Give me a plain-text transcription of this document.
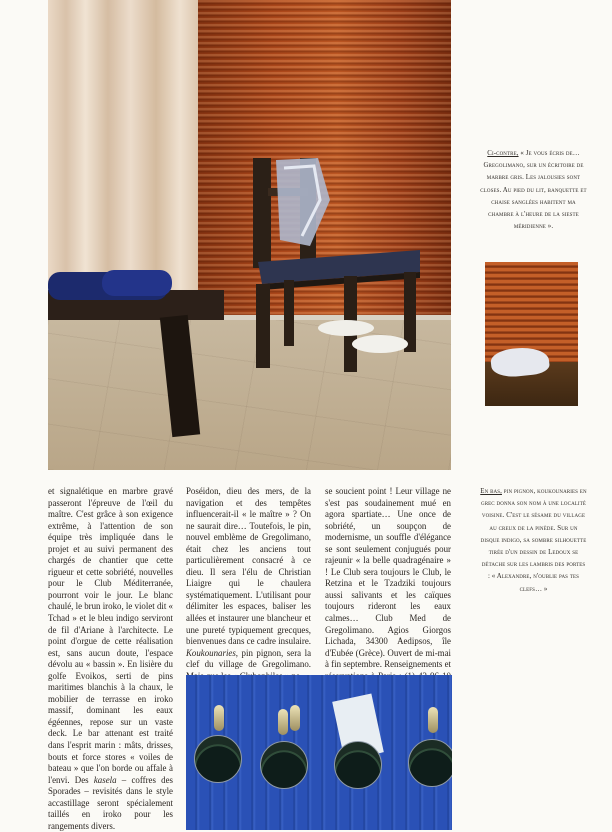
Ci-contre, « Je vous écris de… Gregolimano, sur un écritoire de marbre gris. Les jalousies sont closes. Au pied du lit, banquette et chaise sanglées habitent ma chambre à l'heure de la sieste méridienne ».
et signalétique en marbre gravé passeront l'épreuve de l'œil du maître. C'est grâce à son exigence extrême, à l'attention de son équipe très impliquée dans le projet et au suivi permanent des chargés de chantier que cette rigueur et cette sobriété, nouvelles pour le Club Méditerranée, pourront voir le jour. Le blanc chaulé, le brun iroko, le violet dit « Tchad » et le bleu indigo serviront de fil d'Ariane à l'architecte. Le point d'orgue de cette réalisation est, sans aucun doute, l'espace dévolu au « bassin ». En lisière du golfe Evoikos, serti de pins maritimes blanchis à la chaux, le mobilier de terrasse en iroko massif, dominant les eaux égéennes, repose sur un vaste deck. Le bar attenant est traité dans l'esprit marin : mâts, drisses, bouts et force stores « voiles de bateau » que l'on borde ou affale à l'envi. Des kasela – coffres des Sporades – revisités dans le style accastillage seront spécialement taillés en iroko pour les rangements divers.
Poséidon, dieu des mers, de la navigation et des tempêtes influencerait-il « le maître » ? On ne saurait dire… Toutefois, le pin, nouvel emblème de Gregolimano, était chez les anciens tout particulièrement consacré à ce dieu. Il sera l'élu de Christian Liaigre qui le chaulera systématiquement. L'utilisant pour délimiter les espaces, baliser les allées et instaurer une blancheur et une pureté typiquement grecques, bienvenues dans ce cadre insulaire. Koukounaries, pin pignon, sera la clef du village de Gregolimano.
se soucient point ! Leur village ne s'est pas soudainement mué en agora spartiate… Une once de sobriété, un soupçon de modernisme, un souffle d'élégance se sont seulement conjugués pour rajeunir « la belle quadragénaire » ! Le Club sera toujours le Club, le Retzina et le Tzadziki toujours aussi salivants et les caïques toujours rideront les eaux calmes… Club Med de Gregolimano. Agios Giorgos Lichada, 34300 Aedipsos, île d'Eubée (Grèce). Ouvert de mi-mai à fin septembre. Renseignements et
En bas, pin pignon, koukounaries en grec donna son nom à une localité voisine. C'est le sésame du village au creux de la pinède. Sur un disque indigo, sa sombre silhouette tirée d'un dessin de Ledoux se détache sur les lambris des portes : « Alexandre, n'oublie pas tes clefs… »
